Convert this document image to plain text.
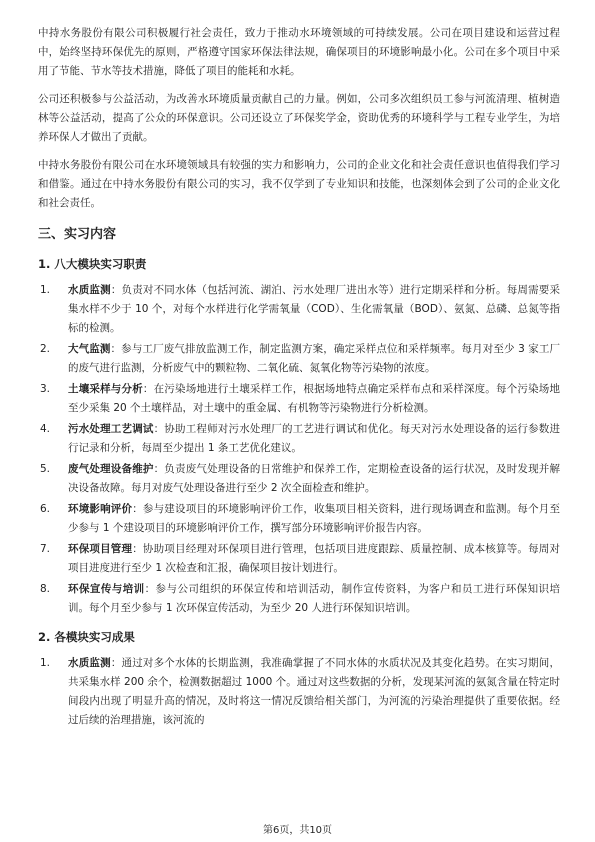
中持水务股份有限公司积极履行社会责任，致力于推动水环境领域的可持续发展。公司在项目建设和运营过程中，始终坚持环保优先的原则，严格遵守国家环保法律法规，确保项目的环境影响最小化。公司在多个项目中采用了节能、节水等技术措施，降低了项目的能耗和水耗。

公司还积极参与公益活动，为改善水环境质量贡献自己的力量。例如，公司多次组织员工参与河流清理、植树造林等公益活动，提高了公众的环保意识。公司还设立了环保奖学金，资助优秀的环境科学与工程专业学生，为培养环保人才做出了贡献。

中持水务股份有限公司在水环境领域具有较强的实力和影响力，公司的企业文化和社会责任意识也值得我们学习和借鉴。通过在中持水务股份有限公司的实习，我不仅学到了专业知识和技能，也深刻体会到了公司的企业文化和社会责任。

三、实习内容
1. 八大模块实习职责
1. 水质监测：负责对不同水体（包括河流、湖泊、污水处理厂进出水等）进行定期采样和分析。每周需要采集水样不少于 10 个，对每个水样进行化学需氧量（COD）、生化需氧量（BOD）、氨氮、总磷、总氮等指标的检测。
2. 大气监测：参与工厂废气排放监测工作，制定监测方案，确定采样点位和采样频率。每月对至少 3 家工厂的废气进行监测，分析废气中的颗粒物、二氧化硫、氮氧化物等污染物的浓度。
3. 土壤采样与分析：在污染场地进行土壤采样工作，根据场地特点确定采样布点和采样深度。每个污染场地至少采集 20 个土壤样品，对土壤中的重金属、有机物等污染物进行分析检测。
4. 污水处理工艺调试：协助工程师对污水处理厂的工艺进行调试和优化。每天对污水处理设备的运行参数进行记录和分析，每周至少提出 1 条工艺优化建议。
5. 废气处理设备维护：负责废气处理设备的日常维护和保养工作，定期检查设备的运行状况，及时发现并解决设备故障。每月对废气处理设备进行至少 2 次全面检查和维护。
6. 环境影响评价：参与建设项目的环境影响评价工作，收集项目相关资料，进行现场调查和监测。每个月至少参与 1 个建设项目的环境影响评价工作，撰写部分环境影响评价报告内容。
7. 环保项目管理：协助项目经理对环保项目进行管理，包括项目进度跟踪、质量控制、成本核算等。每周对项目进度进行至少 1 次检查和汇报，确保项目按计划进行。
8. 环保宣传与培训：参与公司组织的环保宣传和培训活动，制作宣传资料，为客户和员工进行环保知识培训。每个月至少参与 1 次环保宣传活动，为至少 20 人进行环保知识培训。
2. 各模块实习成果
1. 水质监测：通过对多个水体的长期监测，我准确掌握了不同水体的水质状况及其变化趋势。在实习期间，共采集水样 200 余个，检测数据超过 1000 个。通过对这些数据的分析，发现某河流的氨氮含量在特定时间段内出现了明显升高的情况，及时将这一情况反馈给相关部门，为河流的污染治理提供了重要依据。经过后续的治理措施，该河流的
第6页，共10页
